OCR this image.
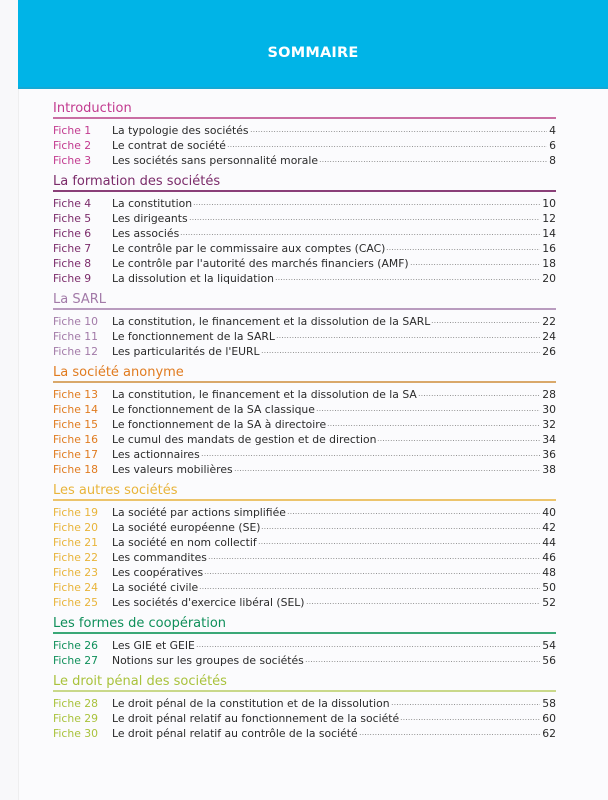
SOMMAIRE
Introduction
Fiche 1	La typologie des sociétés	4
Fiche 2	Le contrat de société	6
Fiche 3	Les sociétés sans personnalité morale	8
La formation des sociétés
Fiche 4	La constitution	10
Fiche 5	Les dirigeants	12
Fiche 6	Les associés	14
Fiche 7	Le contrôle par le commissaire aux comptes (CAC)	16
Fiche 8	Le contrôle par l'autorité des marchés financiers (AMF)	18
Fiche 9	La dissolution et la liquidation	20
La SARL
Fiche 10	La constitution, le financement et la dissolution de la SARL	22
Fiche 11	Le fonctionnement de la SARL	24
Fiche 12	Les particularités de l'EURL	26
La société anonyme
Fiche 13	La constitution, le financement et la dissolution de la SA	28
Fiche 14	Le fonctionnement de la SA classique	30
Fiche 15	Le fonctionnement de la SA à directoire	32
Fiche 16	Le cumul des mandats de gestion et de direction	34
Fiche 17	Les actionnaires	36
Fiche 18	Les valeurs mobilières	38
Les autres sociétés
Fiche 19	La société par actions simplifiée	40
Fiche 20	La société européenne (SE)	42
Fiche 21	La société en nom collectif	44
Fiche 22	Les commandites	46
Fiche 23	Les coopératives	48
Fiche 24	La société civile	50
Fiche 25	Les sociétés d'exercice libéral (SEL)	52
Les formes de coopération
Fiche 26	Les GIE et GEIE	54
Fiche 27	Notions sur les groupes de sociétés	56
Le droit pénal des sociétés
Fiche 28	Le droit pénal de la constitution et de la dissolution	58
Fiche 29	Le droit pénal relatif au fonctionnement de la société	60
Fiche 30	Le droit pénal relatif au contrôle de la société	62
